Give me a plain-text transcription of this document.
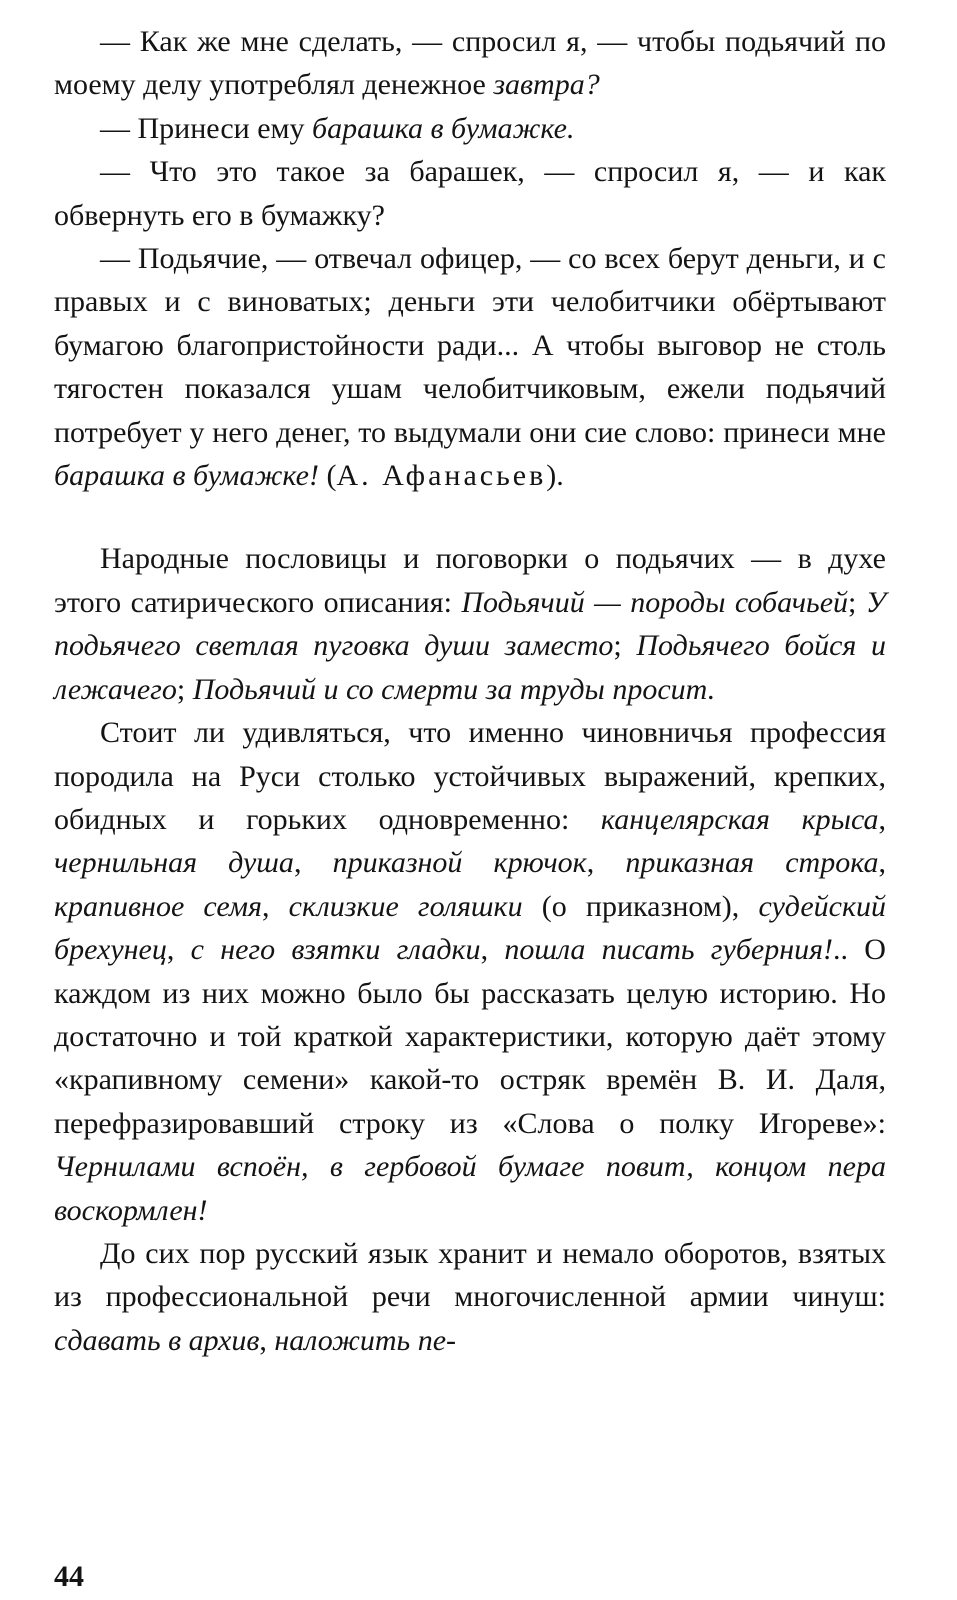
— Как же мне сделать, — спросил я, — чтобы подьячий по моему делу употреблял денежное завтра?

— Принеси ему барашка в бумажке.

— Что это такое за барашек, — спросил я, — и как обвернуть его в бумажку?

— Подьячие, — отвечал офицер, — со всех берут деньги, и с правых и с виноватых; деньги эти челобитчики обёртывают бумагою благопристойности ради... А чтобы выговор не столь тягостен показался ушам челобитчиковым, ежели подьячий потребует у него денег, то выдумали они сие слово: принеси мне барашка в бумажке! (А. Афанасьев).

Народные пословицы и поговорки о подьячих — в духе этого сатирического описания: Подьячий — породы собачьей; У подьячего светлая пуговка души заместо; Подьячего бойся и лежачего; Подьячий и со смерти за труды просит.

Стоит ли удивляться, что именно чиновничья профессия породила на Руси столько устойчивых выражений, крепких, обидных и горьких одновременно: канцелярская крыса, чернильная душа, приказной крючок, приказная строка, крапивное семя, склизкие голяшки (о приказном), судейский брехунец, с него взятки гладки, пошла писать губерния!.. О каждом из них можно было бы рассказать целую историю. Но достаточно и той краткой характеристики, которую даёт этому «крапивному семени» какой-то остряк времён В. И. Даля, перефразировавший строку из «Слова о полку Игореве»: Чернилами вспоён, в гербовой бумаге повит, концом пера воскормлен!

До сих пор русский язык хранит и немало оборотов, взятых из профессиональной речи многочисленной армии чинуш: сдавать в архив, наложить пе-

44
